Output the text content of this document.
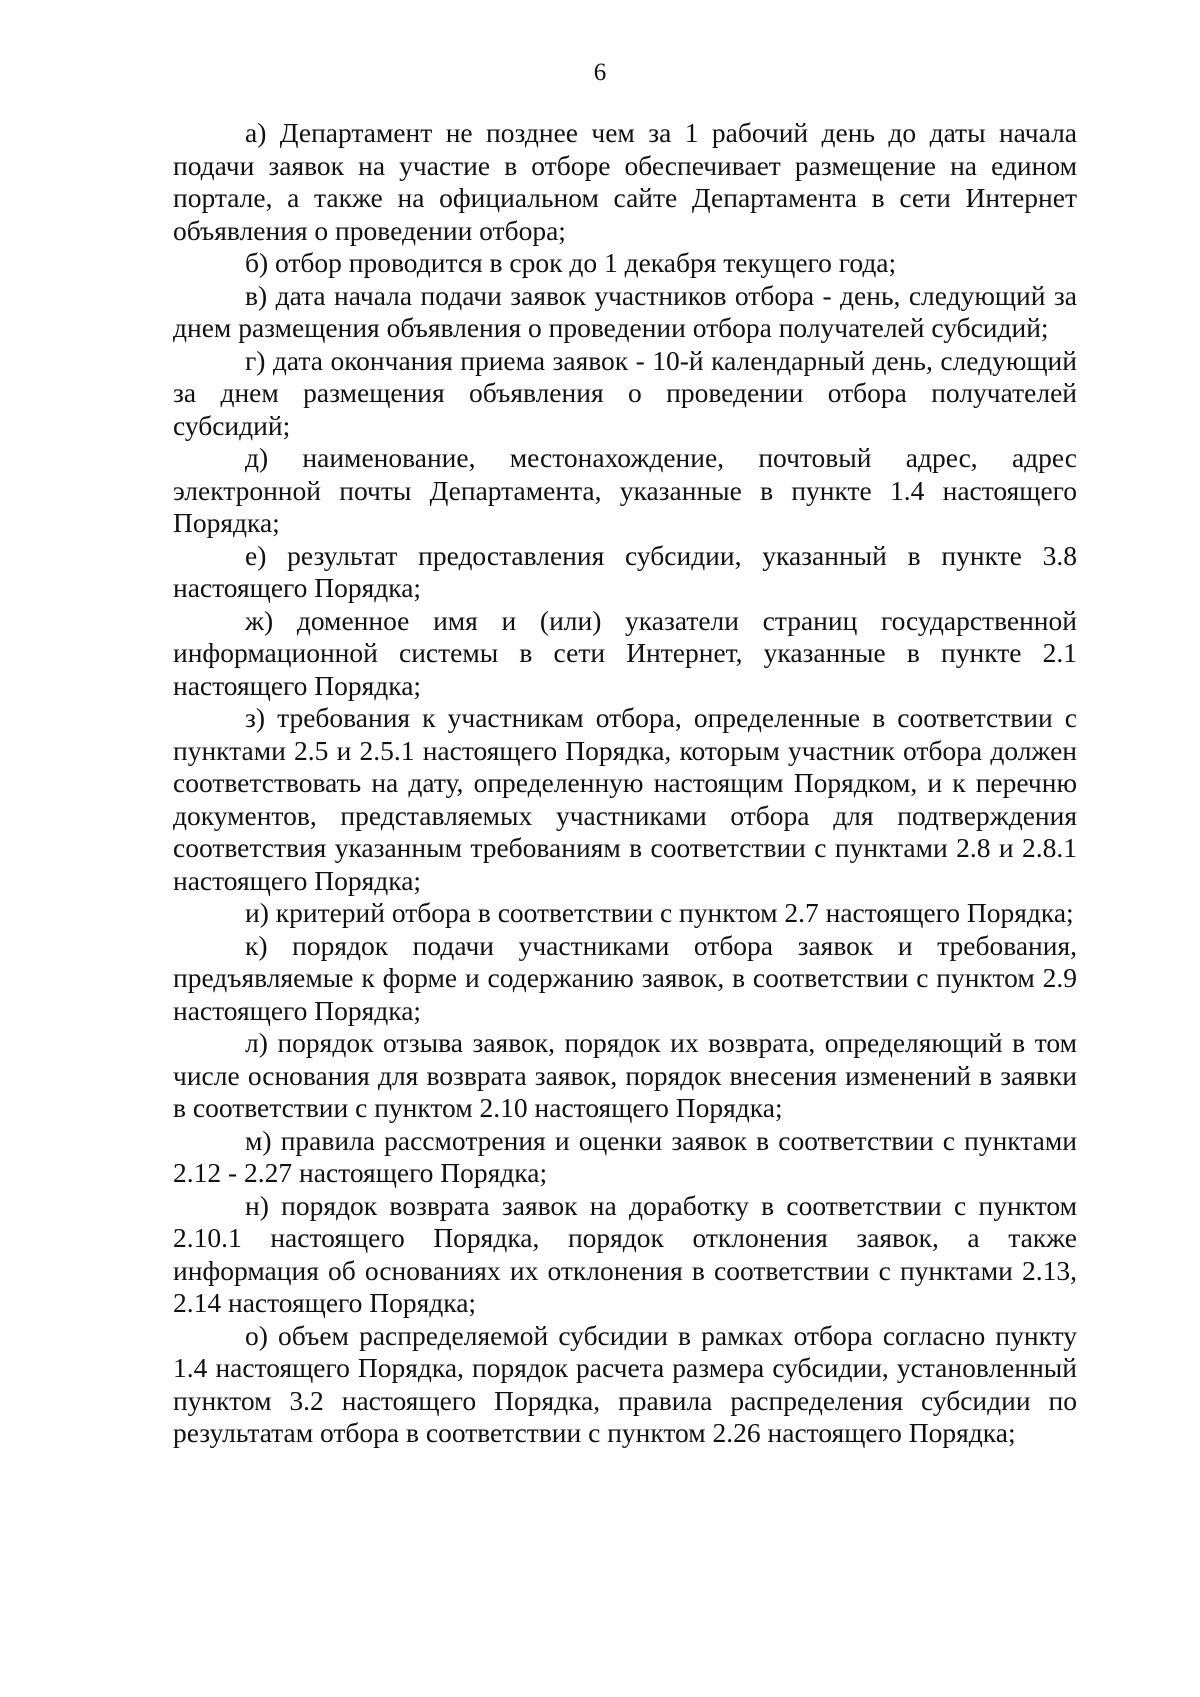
6

а) Департамент не позднее чем за 1 рабочий день до даты начала подачи заявок на участие в отборе обеспечивает размещение на едином портале, а также на официальном сайте Департамента в сети Интернет объявления о проведении отбора;

б) отбор проводится в срок до 1 декабря текущего года;

в) дата начала подачи заявок участников отбора - день, следующий за днем размещения объявления о проведении отбора получателей субсидий;

г) дата окончания приема заявок - 10-й календарный день, следующий за днем размещения объявления о проведении отбора получателей субсидий;

д) наименование, местонахождение, почтовый адрес, адрес электронной почты Департамента, указанные в пункте 1.4 настоящего Порядка;

е) результат предоставления субсидии, указанный в пункте 3.8 настоящего Порядка;

ж) доменное имя и (или) указатели страниц государственной информационной системы в сети Интернет, указанные в пункте 2.1 настоящего Порядка;

з) требования к участникам отбора, определенные в соответствии с пунктами 2.5 и 2.5.1 настоящего Порядка, которым участник отбора должен соответствовать на дату, определенную настоящим Порядком, и к перечню документов, представляемых участниками отбора для подтверждения соответствия указанным требованиям в соответствии с пунктами 2.8 и 2.8.1 настоящего Порядка;

и) критерий отбора в соответствии с пунктом 2.7 настоящего Порядка;

к) порядок подачи участниками отбора заявок и требования, предъявляемые к форме и содержанию заявок, в соответствии с пунктом 2.9 настоящего Порядка;

л) порядок отзыва заявок, порядок их возврата, определяющий в том числе основания для возврата заявок, порядок внесения изменений в заявки в соответствии с пунктом 2.10 настоящего Порядка;

м) правила рассмотрения и оценки заявок в соответствии с пунктами 2.12 - 2.27 настоящего Порядка;

н) порядок возврата заявок на доработку в соответствии с пунктом 2.10.1 настоящего Порядка, порядок отклонения заявок, а также информация об основаниях их отклонения в соответствии с пунктами 2.13, 2.14 настоящего Порядка;

о) объем распределяемой субсидии в рамках отбора согласно пункту 1.4 настоящего Порядка, порядок расчета размера субсидии, установленный пунктом 3.2 настоящего Порядка, правила распределения субсидии по результатам отбора в соответствии с пунктом 2.26 настоящего Порядка;
